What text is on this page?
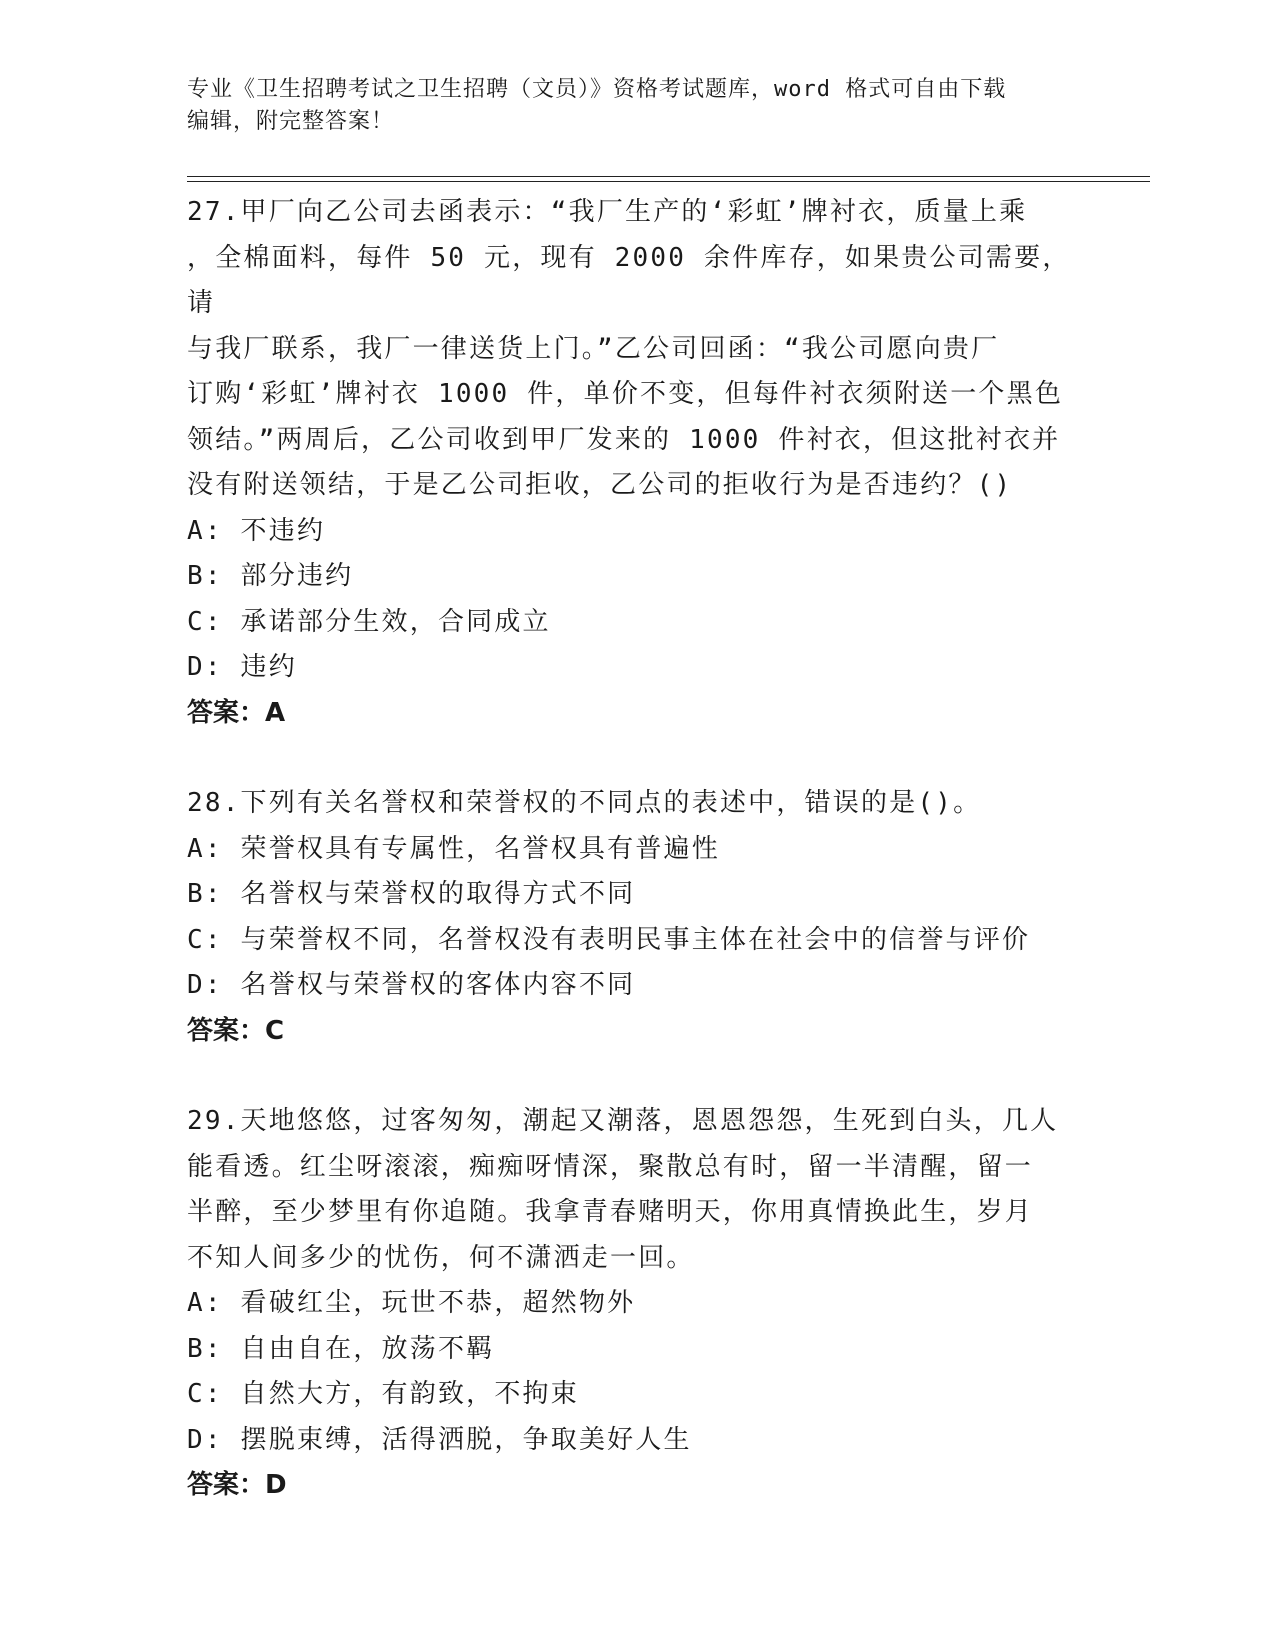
专业《卫生招聘考试之卫生招聘（文员）》资格考试题库，word 格式可自由下载
编辑，附完整答案！
27.甲厂向乙公司去函表示：“我厂生产的‘彩虹’牌衬衣，质量上乘
，全棉面料，每件 50 元，现有 2000 余件库存，如果贵公司需要，请
与我厂联系，我厂一律送货上门。”乙公司回函：“我公司愿向贵厂
订购‘彩虹’牌衬衣 1000 件，单价不变，但每件衬衣须附送一个黑色
领结。”两周后，乙公司收到甲厂发来的 1000 件衬衣，但这批衬衣并
没有附送领结，于是乙公司拒收，乙公司的拒收行为是否违约？()
A: 不违约
B: 部分违约
C: 承诺部分生效，合同成立
D: 违约
答案：A
28.下列有关名誉权和荣誉权的不同点的表述中，错误的是()。
A: 荣誉权具有专属性，名誉权具有普遍性
B: 名誉权与荣誉权的取得方式不同
C: 与荣誉权不同，名誉权没有表明民事主体在社会中的信誉与评价
D: 名誉权与荣誉权的客体内容不同
答案：C
29.天地悠悠，过客匆匆，潮起又潮落，恩恩怨怨，生死到白头，几人
能看透。红尘呀滚滚，痴痴呀情深，聚散总有时，留一半清醒，留一
半醉，至少梦里有你追随。我拿青春赌明天，你用真情换此生，岁月
不知人间多少的忧伤，何不潇洒走一回。
A: 看破红尘，玩世不恭，超然物外
B: 自由自在，放荡不羁
C: 自然大方，有韵致，不拘束
D: 摆脱束缚，活得洒脱，争取美好人生
答案：D
